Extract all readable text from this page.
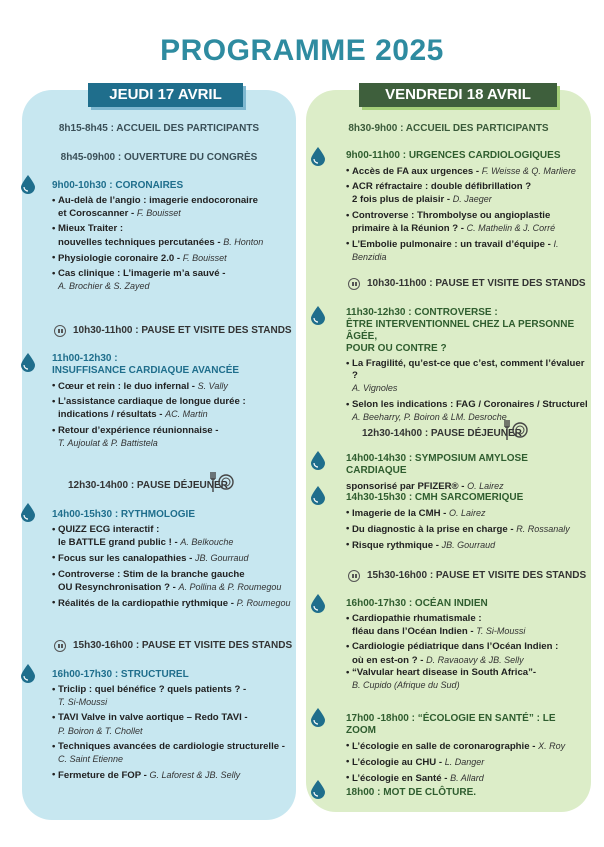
PROGRAMME 2025
8h15-8h45 : ACCUEIL DES PARTICIPANTS
8h45-09h00 : OUVERTURE DU CONGRÈS
9h00-10h30 : CORONAIRES
• Au-delà de l’angio : imagerie endocoronaire
et Coroscanner - F. Bouisset
• Mieux Traiter :
nouvelles techniques percutanées - B. Honton
• Physiologie coronaire 2.0 - F. Bouisset
• Cas clinique : L’imagerie m’a sauvé -
A. Brochier & S. Zayed
10h30-11h00 : PAUSE ET VISITE DES STANDS
11h00-12h30 :
INSUFFISANCE CARDIAQUE AVANCÉE
• Cœur et rein : le duo infernal - S. Vally
• L’assistance cardiaque de longue durée :
indications / résultats - AC. Martin
• Retour d’expérience réunionnaise -
T. Aujoulat & P. Battistela
12h30-14h00 : PAUSE DÉJEUNER
14h00-15h30 : RYTHMOLOGIE
• QUIZZ ECG interactif :
le BATTLE grand public ! - A. Belkouche
• Focus sur les canalopathies - JB. Gourraud
• Controverse : Stim de la branche gauche
OU Resynchronisation ? - A. Pollina & P. Roumegou
• Réalités de la cardiopathie rythmique - P. Roumegou
15h30-16h00 : PAUSE ET VISITE DES STANDS
16h00-17h30 : STRUCTUREL
• Triclip : quel bénéfice ? quels patients ? -
T. Si-Moussi
• TAVI Valve in valve aortique – Redo TAVI -
P. Boiron & T. Chollet
• Techniques avancées de cardiologie structurelle -
C. Saint Etienne
• Fermeture de FOP - G. Laforest & JB. Selly
8h30-9h00 : ACCUEIL DES PARTICIPANTS
9h00-11h00 : URGENCES CARDIOLOGIQUES
• Accès de FA aux urgences - F. Weisse & Q. Marliere
• ACR réfractaire : double défibrillation ?
2 fois plus de plaisir - D. Jaeger
• Controverse : Thrombolyse ou angioplastie
primaire à la Réunion ? - C. Mathelin & J. Corré
• L’Embolie pulmonaire : un travail d’équipe - I. Benzidia
10h30-11h00 : PAUSE ET VISITE DES STANDS
11h30-12h30 : CONTROVERSE :
ÊTRE INTERVENTIONNEL CHEZ LA PERSONNE ÂGÉE,
POUR OU CONTRE ?
• La Fragilité, qu’est-ce que c’est, comment l’évaluer ?
A. Vignoles
• Selon les indications : FAG / Coronaires / Structurel
A. Beeharry, P. Boiron & LM. Desroche
12h30-14h00 : PAUSE DÉJEUNER
14h00-14h30 : SYMPOSIUM AMYLOSE CARDIAQUE
sponsorisé par PFIZER® - O. Lairez
14h30-15h30 : CMH SARCOMERIQUE
• Imagerie de la CMH - O. Lairez
• Du diagnostic à la prise en charge - R. Rossanaly
• Risque rythmique - JB. Gourraud
15h30-16h00 : PAUSE ET VISITE DES STANDS
16h00-17h30 : OCÉAN INDIEN
• Cardiopathie rhumatismale :
fléau dans l’Océan Indien - T. Si-Moussi
• Cardiologie pédiatrique dans l’Océan Indien :
où en est-on ? - D. Ravaoavy & JB. Selly
• “Valvular heart disease in South Africa”-
B. Cupido (Afrique du Sud)
17h00 -18h00 : “ÉCOLOGIE EN SANTÉ” : LE ZOOM
• L’écologie en salle de coronarographie - X. Roy
• L’écologie au CHU - L. Danger
• L’écologie en Santé - B. Allard
18h00 : MOT DE CLÔTURE.
JEUDI 17 AVRIL	VENDREDI 18 AVRIL
